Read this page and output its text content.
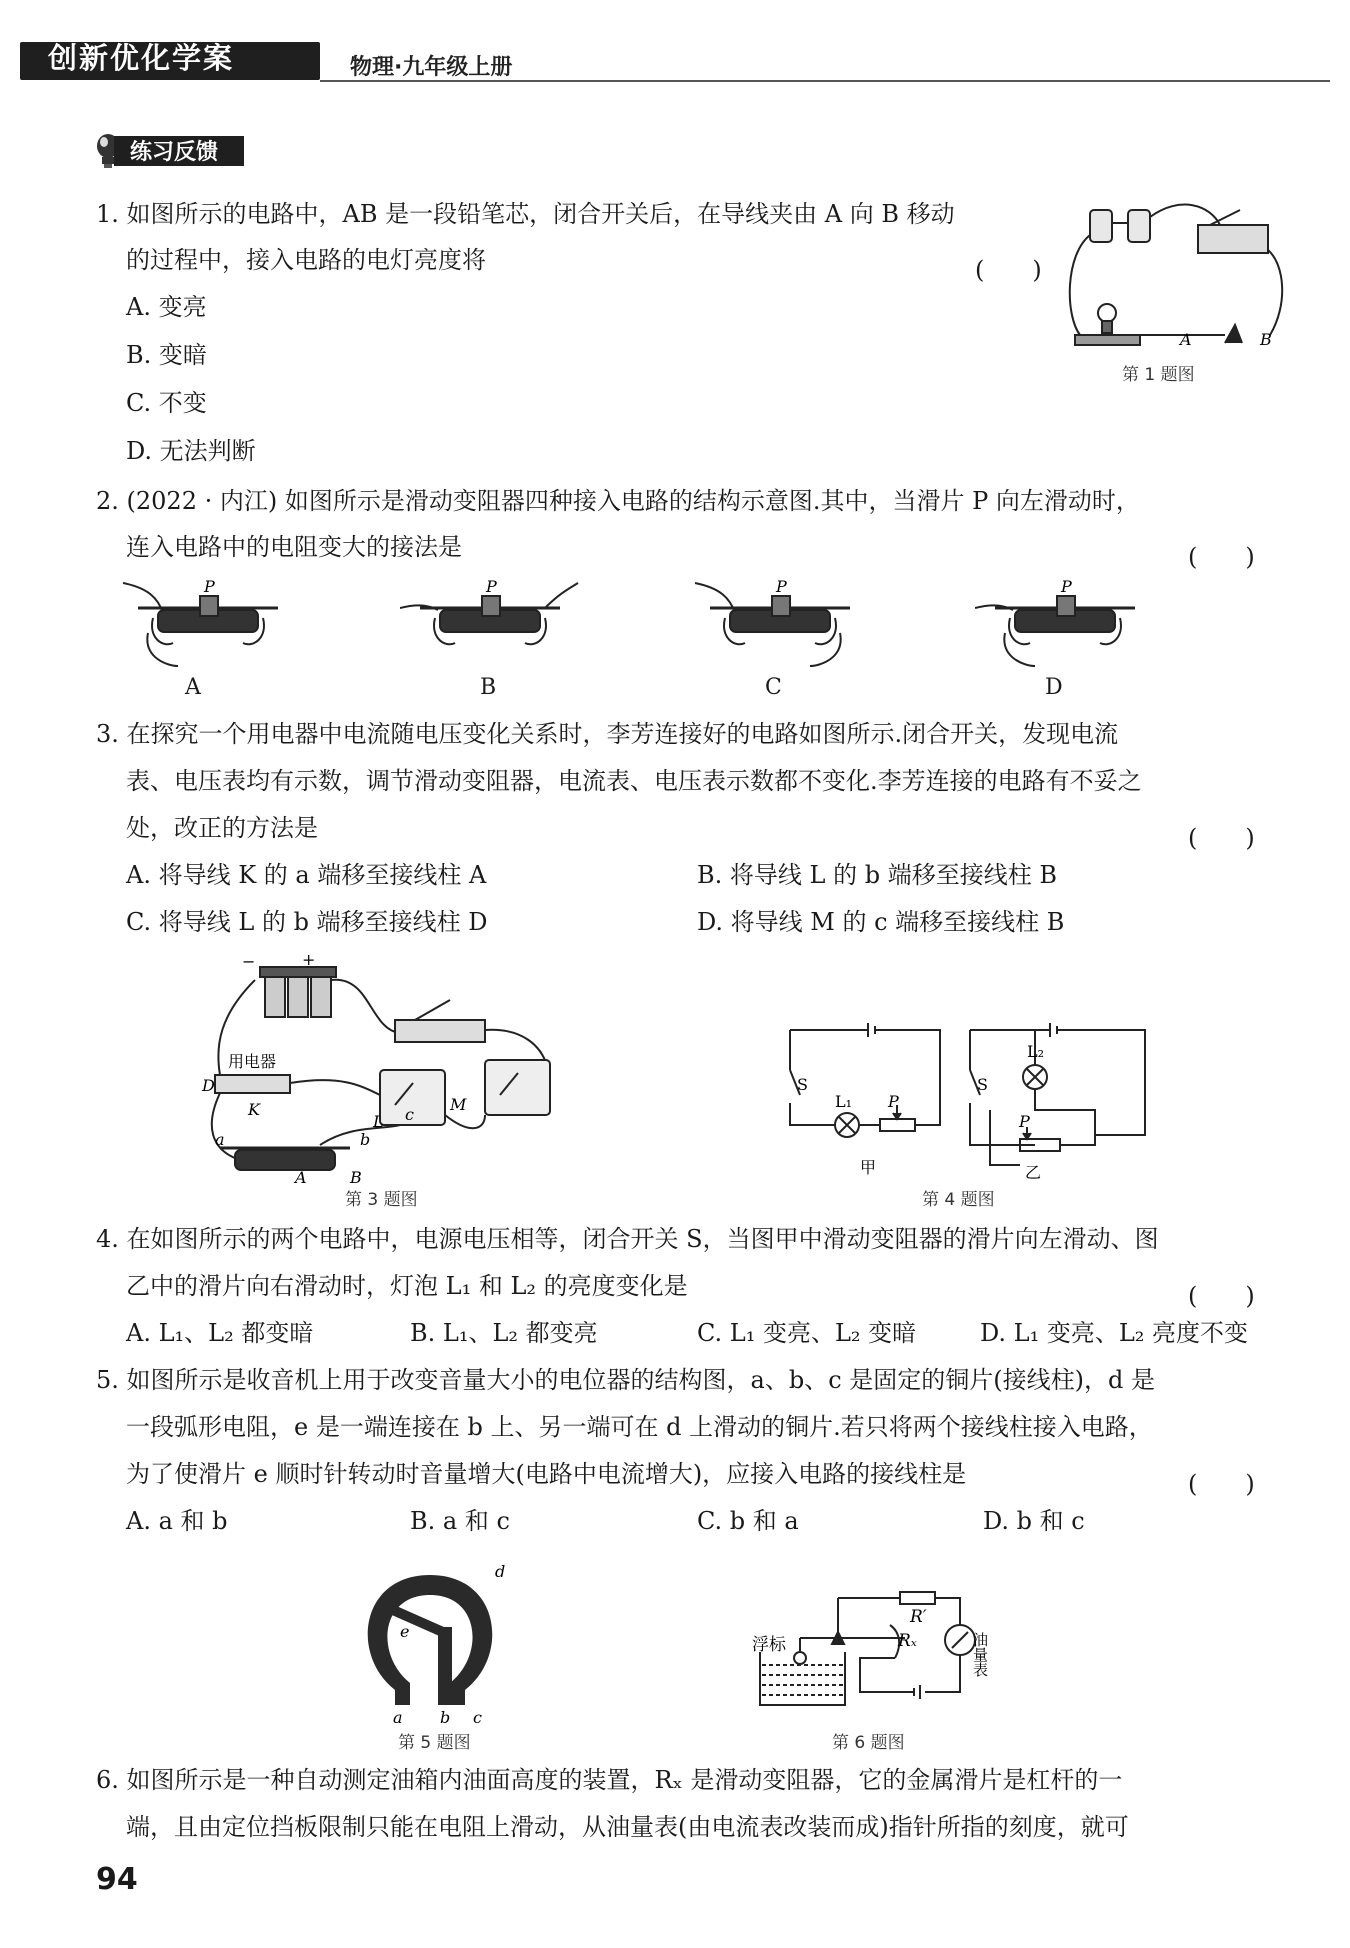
创新优化学案	物理·九年级上册
练习反馈
1. 如图所示的电路中，AB 是一段铅笔芯，闭合开关后，在导线夹由 A 向 B 移动
的过程中，接入电路的电灯亮度将	(　　)
A. 变亮
B. 变暗
C. 不变
D. 无法判断
A	B
第 1 题图
2. (2022 · 内江) 如图所示是滑动变阻器四种接入电路的结构示意图.其中，当滑片 P 向左滑动时，
连入电路中的电阻变大的接法是	(　　)
P
A
P
B
P
C
P
D
3. 在探究一个用电器中电流随电压变化关系时，李芳连接好的电路如图所示.闭合开关，发现电流
表、电压表均有示数，调节滑动变阻器，电流表、电压表示数都不变化.李芳连接的电路有不妥之
处，改正的方法是	(　　)
A. 将导线 K 的 a 端移至接线柱 A	B. 将导线 L 的 b 端移至接线柱 B
C. 将导线 L 的 b 端移至接线柱 D	D. 将导线 M 的 c 端移至接线柱 B
−	+
用电器
D
K
L
M
a	b
c
A	B
第 3 题图
S
L₁ P
S
L₂
P
甲	乙
第 4 题图
4. 在如图所示的两个电路中，电源电压相等，闭合开关 S，当图甲中滑动变阻器的滑片向左滑动、图
乙中的滑片向右滑动时，灯泡 L₁ 和 L₂ 的亮度变化是	(　　)
A. L₁、L₂ 都变暗	B. L₁、L₂ 都变亮	C. L₁ 变亮、L₂ 变暗	D. L₁ 变亮、L₂ 亮度不变
5. 如图所示是收音机上用于改变音量大小的电位器的结构图，a、b、c 是固定的铜片(接线柱)，d 是
一段弧形电阻，e 是一端连接在 b 上、另一端可在 d 上滑动的铜片.若只将两个接线柱接入电路，
为了使滑片 e 顺时针转动时音量增大(电路中电流增大)，应接入电路的接线柱是	(　　)
A. a 和 b	B. a 和 c	C. b 和 a	D. b 和 c
a b c
d
e
第 5 题图
R′
Rₓ
浮标	油量表
第 6 题图
6. 如图所示是一种自动测定油箱内油面高度的装置，Rₓ 是滑动变阻器，它的金属滑片是杠杆的一
端，且由定位挡板限制只能在电阻上滑动，从油量表(由电流表改装而成)指针所指的刻度，就可
94
